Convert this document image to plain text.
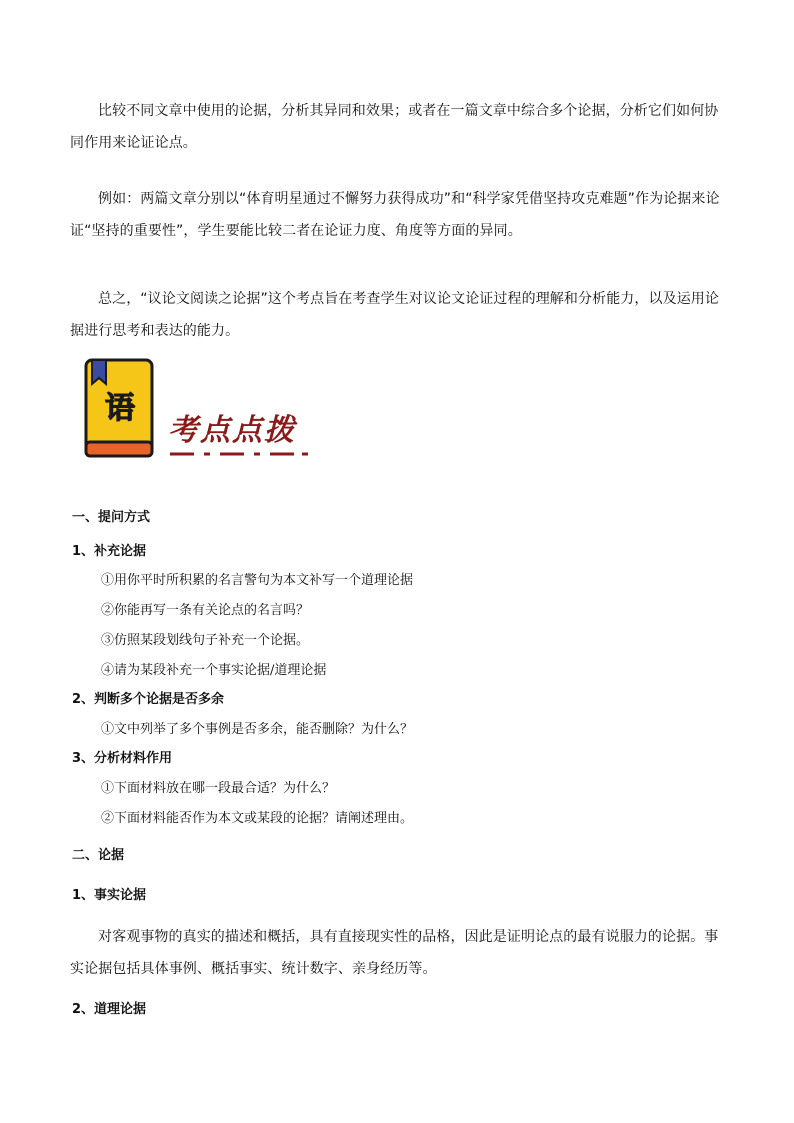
比较不同文章中使用的论据，分析其异同和效果；或者在一篇文章中综合多个论据，分析它们如何协同作用来论证论点。

例如：两篇文章分别以“体育明星通过不懈努力获得成功”和“科学家凭借坚持攻克难题”作为论据来论证“坚持的重要性”，学生要能比较二者在论证力度、角度等方面的异同。

总之，“议论文阅读之论据”这个考点旨在考查学生对议论文论证过程的理解和分析能力，以及运用论据进行思考和表达的能力。

语
考点点拨

一、提问方式

1、补充论据

①用你平时所积累的名言警句为本文补写一个道理论据

②你能再写一条有关论点的名言吗？

③仿照某段划线句子补充一个论据。

④请为某段补充一个事实论据/道理论据

2、判断多个论据是否多余

①文中列举了多个事例是否多余，能否删除？为什么？

3、分析材料作用

①下面材料放在哪一段最合适？为什么？

②下面材料能否作为本文或某段的论据？请阐述理由。

二、论据

1、事实论据

对客观事物的真实的描述和概括，具有直接现实性的品格，因此是证明论点的最有说服力的论据。事实论据包括具体事例、概括事实、统计数字、亲身经历等。

2、道理论据
